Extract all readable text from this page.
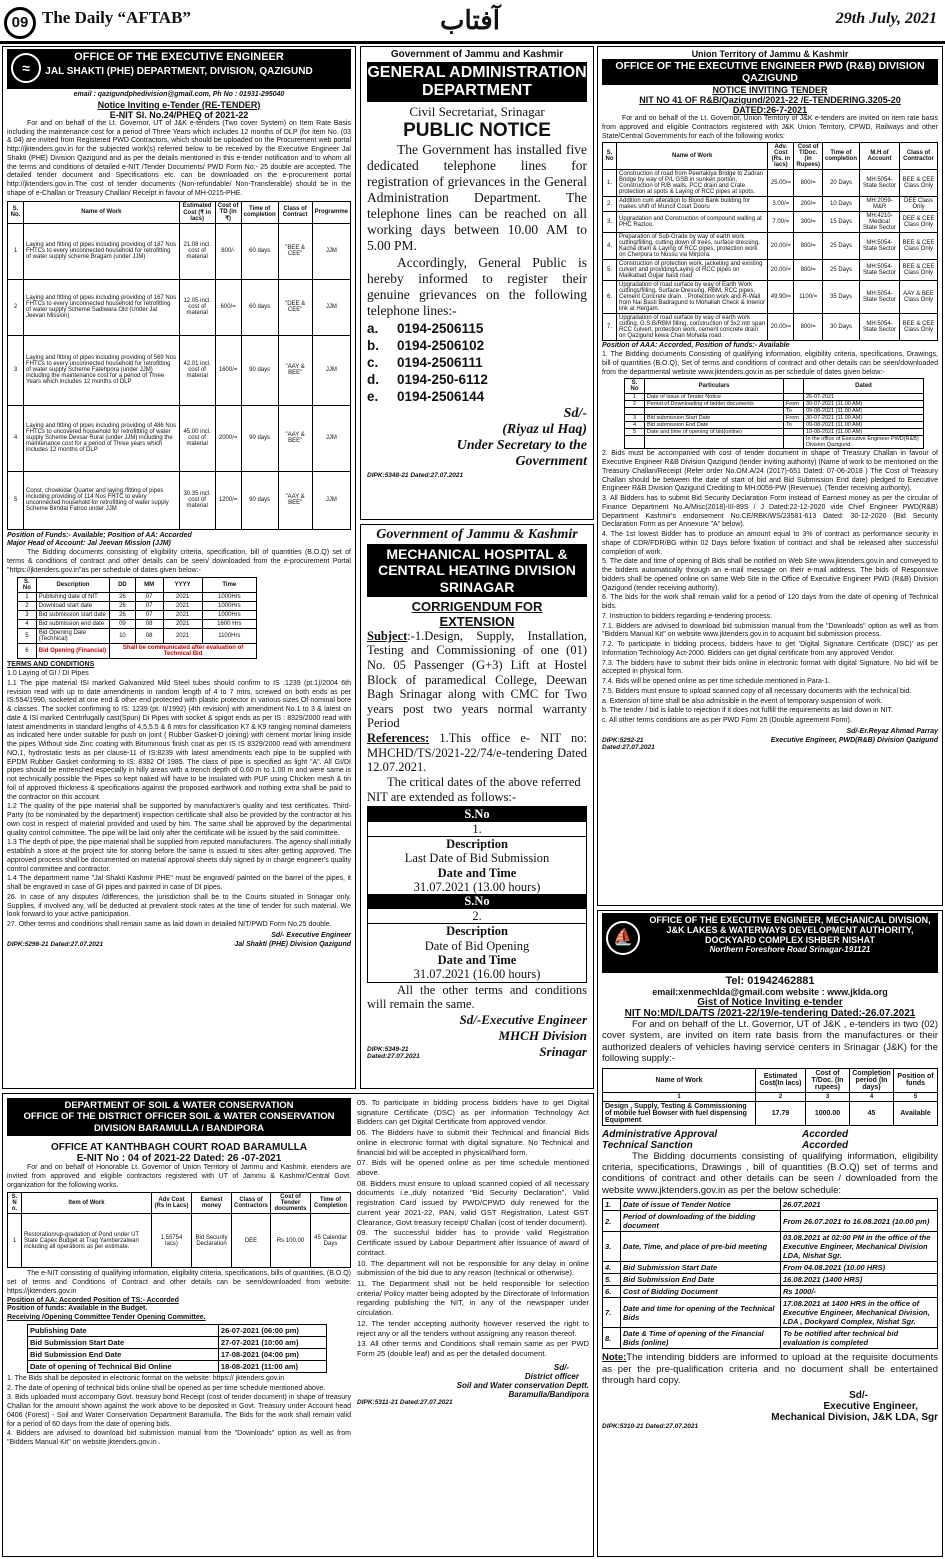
09 The Daily “AFTAB”	آفتاب	29th July, 2021
≈
OFFICE OF THE EXECUTIVE ENGINEER
JAL SHAKTI (PHE) DEPARTMENT, DIVISION, QAZIGUND
email : qazigundphedivision@gmail.com, Ph No : 01931-295040
Notice Inviting e-Tender (RE-TENDER)
E-NIT Sl. No.24/PHEQ of 2021-22
For and on behalf of the Lt. Governor, UT of J&K e-tenders (Two cover System) on Item Rate Basis including the maintenance cost for a period of Three Years which includes 12 months of DLP (for item No. (03 & 04) are invited from Registered PWD Contractors, which should be uploaded on the Procurement web portal http://jktenders.gov.in for the subjected work(s) referred below to be received by the Executive Engineer Jal Shakti (PHE) Division Qazigund and as per the details mentioned in this e-tender notification and to whom all the terms and conditions of detailed e-NIT /Tender Documents/ PWD Form No:- 25 double are accepted. The detailed tender document and Specifications etc. can be downloaded on the e-procurement portal http://jktenders.gov.in.The cost of tender documents (Non-refundable/ Non-Transferable) should be in the shape of e-Challan or Treasury Challan/ Receipt in favour of MH-0215-PHE.
S. No.	Name of Work	Estimated Cost (₹ in lacs)	Cost of TD (in ₹)	Time of completion	Class of Contract	Programme
1	Laying and fitting of pipes including providing of 187 Nos FHTCs to every unconnected household for retrofitting of water supply scheme Bragam (under JJM)	21.08 incl. cost of material	800/-	60 days	"BEE & CEE"	JJM
2	Laying and fitting of pipes including providing of 167 Nos FHTCs to every unconnected household for retrofitting of water supply Scheme Sadiwara Old (Under Jal Jeevan Mission)	12.05 incl. cost of material	600/=	60 days	"DEE & CEE"	JJM
3	Laying and fitting of pipes including providing of 569 Nos FHTCs to every unconnected household for retrofitting of water supply Scheme Fatehpora (under JJM) including the maintenance cost for a period of Three Years which includes 12 months of DLP	42.01 incl. cost of material	1600/=	90 days	"AAY & BEE"	JJM
4	Laying and fitting of pipes including providing of 486 Nos FHTCs to uncovered household for retrofitting of water supply Scheme Devsar Rural (under JJM) including the maintenance cost for a period of Three years which includes 12 months of DLP	45.00 incl. cost of material	2000/=	90 days	"AAY & BEE"	JJM
5	Const. chowkidar Quarter and laying /fitting of pipes including providing of 114 Nos FHTC to every unconnected household for retrofitting of water supply Scheme Bimdal Fatroo under JJM	30.35 incl. cost of material	1200/=	90 days	"AAY & BEE"	JJM
Position of Funds:- Available; Position of AA: Accorded
Major Head of Account: Jal Jeevan Mission (JJM)
The Bidding documents consisting of eligibility criteria, specification, bill of quantities (B.O.Q) set of terms & conditions of contract and other details can be seen/ downloaded from the e-procurement Portal "https://jktenders.gov.in"as per schedule of dates given below:-
S. No	Description	DD	MM	YYYY	Time
1	Publishing date of NIT	26	07	2021	1000Hrs
2	Download start date	26	07	2021	1000Hrs
3	Bid submission start date	26	07	2021	1000Hrs
4	Bid submission end date	09	08	2021	1600 Hrs
5	Bid Opening Date (Technical)	10	08	2021	1100Hrs
6	Bid Opening (Financial)	Shall be communicated after evaluation of Technical Bid			
TERMS AND CONDITIONS

1.0 Laying of GI / DI Pipes

1.1 The pipe material ISI marked Galvanized Mild Steel tubes should confirm to IS :1239 (pt.1)/2004 6th revision read with up to date amendments in random length of 4 to 7 mtrs, screwed on both ends as per IS:554/1990, socketed at one end & other end protected with plastic protector in various sizes Of nominal bore & classes. The socket confirming to IS: 1239 (pt. II/1992) (4th revision) with amendment No.1 to 3 & latest on date & ISI marked Centrifugally cast(Spun) Di Pipes with socket & spigot ends as per IS : 8329/2000 read with latest amendments in standard lengths of 4,5,5.5 & 6 mtrs for classification K7 & K9 ranging nominal diameters as indicated here under suitable for push on joint ( Rubber Gasket-D joining) with cement mortar lining inside the pipes Without side Zinc coating with Bituminous finish coat as per IS IS 8329/2000 read with amendment NO,1, hydrostatic tests as per clause-11 of IS:8239 with latest amendments each pipe to be supplied with EPDM Rubber Gasket conforming to IS: 8382 Of 1985. The class of pipe is specified as light "A". All GI/DI pipes should be entrenched especially in hilly areas with a trench depth of 0.60 m to 1.00 m and were same is not technically possible the Pipes so kept naked will have to be insulated with PUF using Chicken mesh & tin foil of approved thickness & specifications against the proposed earthwork and nothing extra shall be paid to the contractor on this account.

1.2 The quality of the pipe material shall be supported by manufacturer's quality and test certificates. Third-Party (to be nominated by the department) inspection certificate shall also be provided by the contractor at his own cost in respect of material provided and used by him. The same shall be approved by the departmental quality control committee. The pipe will be laid only after the certificate will be issued by the said committee.

1.3 The depth of pipe, the pipe material shall be supplied from reputed manufacturers. The agency shall initially establish a store at the project site for storing before the same is issued to sites after getting approved. The approved process shall be documented on material approval sheets duly signed by in charge engineer's quality control committee and contractor.

1.4 The department name "Jal Shakti Kashmir PHE" must be engraved/ painted on the barrel of the pipes, it shall be engraved in case of GI pipes and painted in case of DI pipes.

26. In case of any disputes /differences, the jurisdiction shall be to the Courts situated in Srinagar only. Supplies, if involved any, will be deducted at prevalent stock rates at the time of tender for such material. We look forward to your active participation.

27. Other terms and conditions shall remain same as laid down in detailed NIT/PWD Form No.25 double.

Sd/- Executive Engineer
DIPK:5298-21 Dated:27.07.2021	Jal Shakti (PHE) Division Qazigund
Government of Jammu and Kashmir
GENERAL ADMINISTRATION
DEPARTMENT
Civil Secretariat, Srinagar
PUBLIC NOTICE
The Government has installed five dedicated telephone lines for registration of grievances in the General Administration Department. The telephone lines can be reached on all working days between 10.00 AM to 5.00 PM.
Accordingly, General Public is hereby informed to register their genuine grievances on the following telephone lines:-
a.	0194-2506115
b.	0194-2506102
c.	0194-2506111
d.	0194-250-6112
e.	0194-2506144
Sd/-
(Riyaz ul Haq)
Under Secretary to the
Government
DIPK:5348-21 Dated:27.07.2021
Government of Jammu & Kashmir
MECHANICAL HOSPITAL &
CENTRAL HEATING DIVISION
SRINAGAR
CORRIGENDUM FOR
EXTENSION
Subject:-1.Design, Supply, Installation, Testing and Commissioning of one (01) No. 05 Passenger (G+3) Lift at Hostel Block of paramedical College, Deewan Bagh Srinagar along with CMC for Two years post two years normal warranty Period
References: 1.This office e- NIT no: MHCHD/TS/2021-22/74/e-tendering Dated 12.07.2021.
The critical dates of the above referred NIT are extended as follows:-
S.No
1.
Description
Last Date of Bid Submission
Date and Time
31.07.2021 (13.00 hours)
S.No
2.
Description
Date of Bid Opening
Date and Time
31.07.2021 (16.00 hours)
All the other terms and conditions will remain the same.
Sd/-Executive Engineer
MHCH Division
DIPK:5349-21
Dated:27.07.2021	Srinagar
Union Territory of Jammu & Kashmir
OFFICE OF THE EXECUTIVE ENGINEER PWD (R&B) DIVISION
QAZIGUND
NOTICE INVITING TENDER
NIT NO 41 OF R&B/Qazigund/2021-22 /E-TENDERING.3205-20
DATED:26-7-2021
For and on behalf of the Lt. Governor, Union Territory of J&K e-tenders are invited on item rate basis from approved and eligible Contractors registered with J&K Union Territory, CPWD, Railways and other State/Central Governments for each of the following works:
S. No	Name of Work	Adv. Cost (Rs. in lacs)	Cost of T/Doc. (in Rupees)	Time of completion	M.H of Account	Class of Contractor
1.	Construction of road from Peertakiya Bridge to Zadran Bridge by way of P/L GSB in sunken portion, Construction of R/B walls, PCC drain and Crate protection at spots & Laying of RCC pipes at spots.	25.00/=	800/=	20 Days	MH:5054-State Sector	BEE & CEE Class Only
2.	Addition cum alteration to Blood Bank building for makes shift of Muncif Court Dooru	3.00/=	200/=	10 Days	MH:2059-M&R	DEE Class Only
3.	Upgradation and Construction of compound walling at PHC Razloo.	7.00/=	300/=	15 Days	MH:4210-Medical State Sector	DEE & CEE Class Only
4.	Preparation of Sub-Grade by way of earth work cutting/filling, cutting down of trees, surface dressing, Kacha drain & Laying of RCC pipes, protection work on Cherpora to Nussu via Mirpora.	20.00/=	800/=	25 Days	MH:5054-State Sector	BEE & CEE Class Only
5.	Construction of protection work, jacketing and existing culvert and providing/Laying of RCC pipes on Malikabad Gujjar basti road	20.00/=	800/=	25 Days	MH:5054-State Sector	BEE & CEE Class Only
6.	Upgradation of road surface by way of Earth Work cuttings/filling, Surface Dressing, RBM, RCC pipes, Cement Concrete drain. , Protection work and R-Wall from Nai Basti Badragund to Mohallah Check & Interior link at Hergam.	49.90/=	1100/=	35 Days	MH:5054-State Sector	AAY & BEE Class Only
7.	Upgradation of road surface by way of earth work cutting, G.S.B/RBM filling, construction of 3x2 mtr span RCC culvert, protection work, cement concrete drain on Qazigund kewa Chan Mohalla road .	20.00/=	800/=	30 Days	MH:5054-State Sector	BEE & CEE Class Only
Position of AAA: Accorded, Position of funds:- Available
1. The Bidding documents Consisting of qualifying information, eligibility criteria, specifications, Drawings, bill of quantities (B.O.Q), Set of terms and conditions of contract and other details can be seen/downloaded from the departmental website www.jktenders.gov.in as per schedule of dates given below:-
S. No	Particulars		Dated
1	Date of Issue of Tender Notice		26-07-2021
2	Period of Downloading of bidder documents	From	30-07-2021 (11.00 AM)
		To	09-08-2021 (11.00 AM)
3	Bid submission Start Date	From	30-07-2021 (11.00 AM)
4	Bid submission End Date	To	09-08-2021 (11.00 AM)
5	Date and time of opening of bid(online)		10-08-2021 (11.00 AM)
			In the office of Executive Engineer PWD(R&B) Division Qazigund .

2. Bids must be accompanied with cost of tender document in shape of Treasury Challan in favour of Executive Engineer R&B Division Qazigund (tender inviting authority) (Name of work to be mentioned on the Treasury Challan/Receipt (Refer order No.OM.A/24 (2017)-651 Dated: 07-06-2018 ) The Cost of Treasury Challan should be between the date of start of bid and Bid Submission End date) pledged to Executive Engineer R&B Division Qazigund Crediting to MH:0059-PW (Revenue). (Tender receiving authority).

3. All Bidders has to submit Bid Security Declaration Form instead of Earnest money as per the circular of Finance Department No.A/Misc(2018)-III-89S / J Dated:22-12-2020 vide Chief Engineer PWD(R&B) Department Kashmir's endorsement No.CE/RBK/WS/23581-613 Dated: 30-12-2020 (Bid Security Declaration Form as per Annexure "A" below).

4. The 1st lowest Bidder has to produce an amount equal to 3% of contract as performance security in shape of CDR/FDR/BG within 02 Days before fixation of contract and shall be released after successful completion of work.

5. The date and time of opening of Bids shall be notified on Web Site www.jktenders.gov.in and conveyed to the bidders automatically through an e-mail message on their e-mail address. The bids of Responsive bidders shall be opened online on same Web Site in the Office of Executive Engineer PWD (R&B) Division Qazigund (tender receiving authority).

6. The bids for the work shall remain valid for a period of 120 days from the date of opening of Technical bids.

7. Instruction to bidders regarding e-tendering process.

7.1. Bidders are advised to download bid submission manual from the "Downloads" option as well as from "Bidders Manual Kit" on website www.jktenders.gov.in to acquaint bid submission process.

7.2. To participate in bidding process, bidders have to get 'Digital Signature Certificate (DSC)' as per Information Technology Act-2000. Bidders can get digital certificate from any approved Vendor.

7.3. The bidders have to submit their bids online in electronic format with digital Signature. No bid will be accepted in physical form.

7.4. Bids will be opened online as per time schedule mentioned in Para-1.

7.5. Bidders must ensure to upload scanned copy of all necessary documents with the technical bid.

a. Extension of time shall be also admissible in the event of temporary suspension of work.

b. The tender / bid is liable to rejection if it does not fulfill the requirements as laid down in NIT.

c. All other terms conditions are as per PWD Form 25 (Double agreement Form).

Sd/-Er.Reyaz Ahmad Parray
DIPK:5292-21
Dated:27.07.2021
Executive Engineer, PWD(R&B) Division Qazigund
⛵
OFFICE OF THE EXECUTIVE ENGINEER, MECHANICAL DIVISION,
J&K LAKES & WATERWAYS DEVELOPMENT AUTHORITY,
DOCKYARD COMPLEX ISHBER NISHAT
Northern Foreshore Road Srinagar-191121
Tel: 01942462881
email:xenmechlda@gmail.com website : www.jklda.org
Gist of Notice Inviting e-tender
NIT No:MD/LDA/TS /2021-22/19/e-tendering Dated:-26.07.2021
For and on behalf of the Lt. Governor, UT of J&K , e-tenders in two (02) cover system, are invited on item rate basis from the manufactures or their authorized dealers of vehicles having service centers in Srinagar (J&K) for the following supply:-
Name of Work	Estimated Cost(In lacs)	Cost of T/Doc. (In rupees)	Completion period (In days)	Position of funds
1	2	3	4	5
Design , Supply, Testing & Commissioning of mobile fuel Bowser with fuel dispensing Equipment	17.79	1000.00	45	Available
Administrative Approval	Accorded
Technical Sanction	Accorded
The Bidding documents consisting of qualifying information, eligibility criteria, specifications, Drawings , bill of quantities (B.O.Q) set of terms and conditions of contract and other details can be seen / downloaded from the website www.jktenders.gov.in as per the below schedule:
1.	Date of issue of Tender Notice	26.07.2021
2.	Period of downloading of the bidding document	From 26.07.2021 to 16.08.2021 (10.00 pm)
3.	Date, Time, and place of pre-bid meeting	03.08.2021 at 02:00 PM in the office of the Executive Engineer, Mechanical Division LDA, Nishat Sgr.
4.	Bid Submission Start Date	From 04.08.2021 (10.00 HRS)
5.	Bid Submission End Date	16.08.2021 (1400 HRS)
6.	Cost of Bidding Document	Rs 1000/-
7.	Date and time for opening of the Technical Bids	17.08.2021 at 1400 HRS in the office of Executive Engineer, Mechanical Division, LDA , Dockyard Complex, Nishat Sgr.
8.	Date & Time of opening of the Financial Bids (online)	To be notified after technical bid evaluation is completed
Note:The intending bidders are informed to upload at the requisite documents as per the pre-qualification criteria and no document shall be entertained through hard copy.
Sd/-
Executive Engineer,
Mechanical Division, J&K LDA, Sgr
DIPK:5310-21 Dated:27.07.2021
DEPARTMENT OF SOIL & WATER CONSERVATION
OFFICE OF THE DISTRICT OFFICER SOIL & WATER CONSERVATION
DIVISION BARAMULLA / BANDIPORA
OFFICE AT KANTHBAGH COURT ROAD BARAMULLA
E-NIT No : 04 of 2021-22 Dated: 26 -07-2021
For and on behalf of Honorable Lt. Governor of Union Territory of Jammu and Kashmir, etenders are invited from approved and eligible contractors registered with UT of Jammu & Kashmir/Central Govt. organization for the following works.
S. N o.	Item of Work	Adv Cost (Rs in Lacs)	Earnest money	Class of Contractors	Cost of Tender documents	Time of Completion
1	Restoration/up-gradation of Pond under UT State Capex Budget at Trag Yamberzalwari including all operations as per estimate.	1.55754 lacs)	Bid Security Declaration	DEE	Rs 100.00	45 Calendar Days
The e-NIT consisting of qualifying information, eligibility criteria, specifications, bills of quantities, (B.O.Q) set of terms and Conditions of Contract and other details can be seen/downloaded from website: https://jktenders.gov.in
Position of AA: Accorded Position of TS:- Accorded
Position of funds: Available in the Budget.
Receiving /Opening Committee Tender Opening Committee.
Publishing Date	26-07-2021 (06:00 pm)
Bid Submission Start Date	27-07-2021 (10:00 am)
Bid Submission End Date	17-08-2021 (04:00 pm)
Date of opening of Technical Bid Online	18-08-2021 (11:00 am)

1. The Bids shall be deposited in electronic format on the website: https:// jktenders.gov.in

2. The date of opening of technical bids online shall be opened as per time schedule mentioned above.

3. Bids uploaded must accompany Govt. treasury bond Receipt (cost of tender document) in shape of treasury Challan for the amount shown against the work above to be deposited in Govt. Treasury under Account head 0406 (Forest) - Soil and Water Conservation Department Baramulla. The Bids for the work shall remain valid for a period of 60 days from the date of opening bids.

4. Bidders are advised to download bid submission manual from the "Downloads" option as well as from "Bidders Manual Kit" on website jktenders.gov.in .

05. To participate in bidding process bidders have to get Digital signature Certificate (DSC) as per information Technology Act Bidders can get Digital Certificate from approved vendor.

06. The Bidders have to submit their Technical and financial Bids online in electronic format with digital signature. No Technical and financial bid will be accepted in physical/hard form.

07. Bids will be opened online as per time schedule mentioned above.

08. Bidders must ensure to upload scanned copied of all necessary documents i.e.,duly notarized "Bid Security Declaration", Valid registration Card issued by PWD/CPWD duly renewed for the current year 2021-22, PAN, valid GST Registration, Latest GST Clearance, Govt treasury receipt/ Challan (cost of tender document).

09. The successful bidder has to provide valid Registration Certificate issued by Labour Department after issuance of award of contract.

10. The department will not be responsible for any delay in online submission of the bid due to any reason (technical or otherwise).

11. The Department shall not be held responsible for selection criteria/ Policy matter being adopted by the Directorate of Information regarding publishing the NIT, in any of the newspaper under circulation.

12. The tender accepting authority however reserved the right to reject any or all the tenders without assigning any reason thereof.

13. All other terms and Conditions shall remain same as per PWD Form 25 (double leaf) and as per the detailed document.

Sd/-
District officer
Soil and Water conservation Deptt.
Baramulla/Bandipora
DIPK:5311-21 Dated:27.07.2021
